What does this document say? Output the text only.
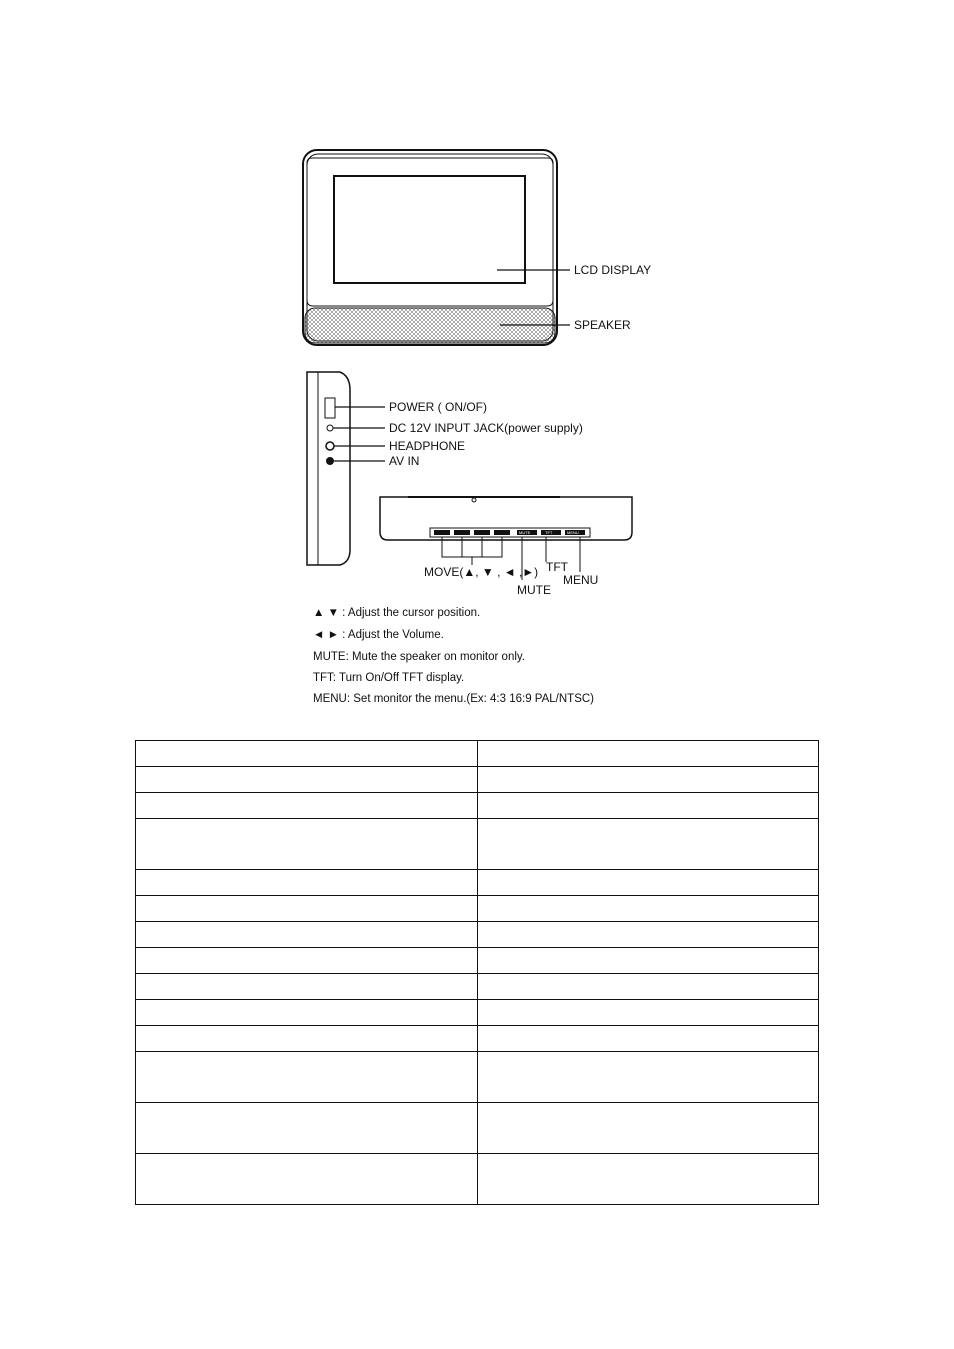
LCD DISPLAY
SPEAKER
POWER ( ON/OF)
DC 12V INPUT JACK(power supply)
HEADPHONE
AV IN
MUTE	TFT	MENU
MOVE(▲, ▼ , ◄ ,►) TFT
MENU
MUTE
▲ ▼ : Adjust the cursor position.
◄ ► : Adjust the Volume.
MUTE: Mute the speaker on monitor only.
TFT: Turn On/Off TFT display.
MENU: Set monitor the menu.(Ex: 4:3 16:9 PAL/NTSC)
